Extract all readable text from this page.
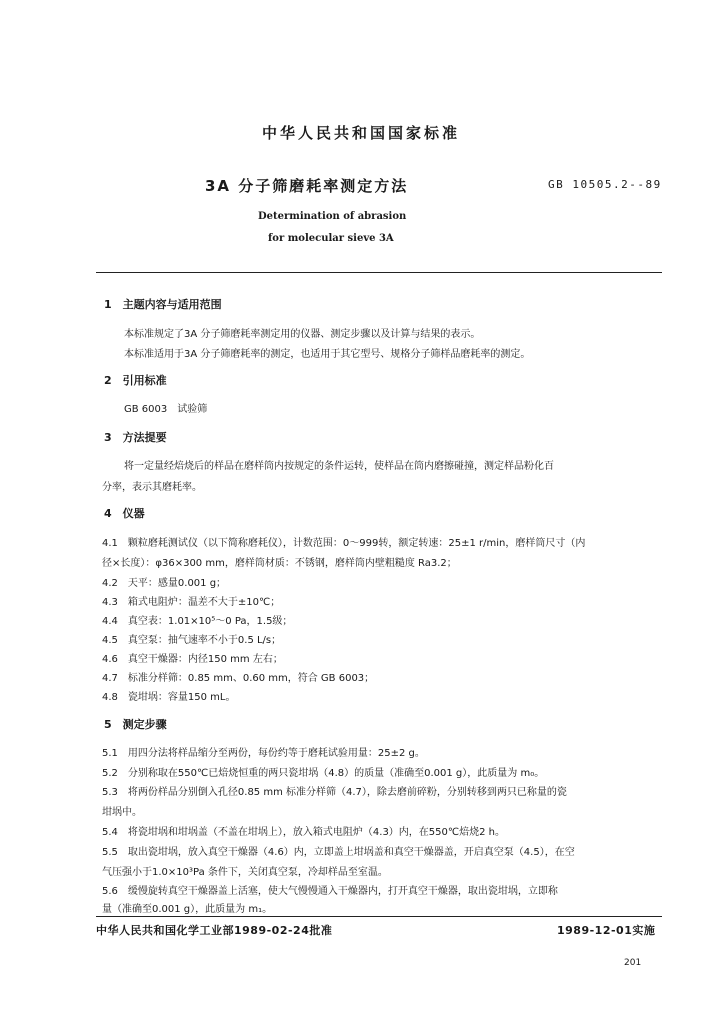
中华人民共和国国家标准
3A 分子筛磨耗率测定方法	GB 10505.2--89
Determination of abrasion
for molecular sieve 3A
1　主题内容与适用范围
本标准规定了3A 分子筛磨耗率测定用的仪器、测定步骤以及计算与结果的表示。
本标准适用于3A 分子筛磨耗率的测定，也适用于其它型号、规格分子筛样品磨耗率的测定。
2　引用标准
GB 6003　试验筛
3　方法提要
将一定量经焙烧后的样品在磨样筒内按规定的条件运转，使样品在筒内磨擦碰撞，测定样品粉化百
分率，表示其磨耗率。
4　仪器
4.1　颗粒磨耗测试仪（以下简称磨耗仪），计数范围：0～999转，额定转速：25±1 r/min，磨样筒尺寸（内
径×长度）：φ36×300 mm，磨样筒材质：不锈钢，磨样筒内壁粗糙度 Ra3.2；
4.2　天平：感量0.001 g；
4.3　箱式电阻炉：温差不大于±10℃；
4.4　真空表：1.01×10⁵～0 Pa，1.5级；
4.5　真空泵：抽气速率不小于0.5 L/s；
4.6　真空干燥器：内径150 mm 左右；
4.7　标准分样筛：0.85 mm、0.60 mm，符合 GB 6003；
4.8　瓷坩埚：容量150 mL。
5　测定步骤
5.1　用四分法将样品缩分至两份，每份约等于磨耗试验用量：25±2 g。
5.2　分别称取在550℃已焙烧恒重的两只瓷坩埚（4.8）的质量（准确至0.001 g），此质量为 m₀。
5.3　将两份样品分别倒入孔径0.85 mm 标准分样筛（4.7），除去磨前碎粉，分别转移到两只已称量的瓷
坩埚中。
5.4　将瓷坩埚和坩埚盖（不盖在坩埚上），放入箱式电阻炉（4.3）内，在550℃焙烧2 h。
5.5　取出瓷坩埚，放入真空干燥器（4.6）内，立即盖上坩埚盖和真空干燥器盖，开启真空泵（4.5），在空
气压强小于1.0×10³Pa 条件下，关闭真空泵，冷却样品至室温。
5.6　缓慢旋转真空干燥器盖上活塞，使大气慢慢通入干燥器内，打开真空干燥器，取出瓷坩埚，立即称
量（准确至0.001 g），此质量为 m₁。
中华人民共和国化学工业部1989-02-24批准	1989-12-01实施
201
